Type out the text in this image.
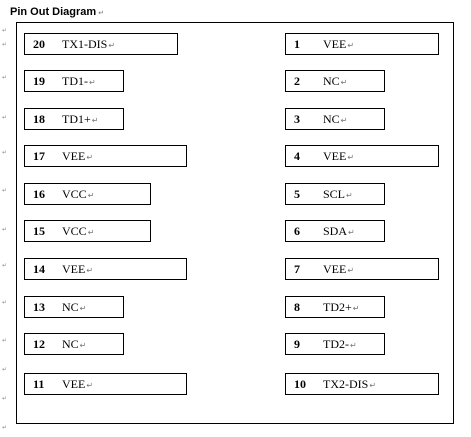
Pin Out Diagram ↵
20 TX1-DIS ↵
19 TD1- ↵
18 TD1+ ↵
17 VEE ↵
16 VCC ↵
15 VCC ↵
14 VEE ↵
13 NC ↵
12 NC ↵
11 VEE ↵
1 VEE ↵
2 NC ↵
3 NC ↵
4 VEE ↵
5 SCL ↵
6 SDA ↵
7 VEE ↵
8 TD2+ ↵
9 TD2- ↵
10 TX2-DIS ↵
↵
↵
↵
↵
↵
↵
↵
↵
↵
↵
↵
↵
↵
